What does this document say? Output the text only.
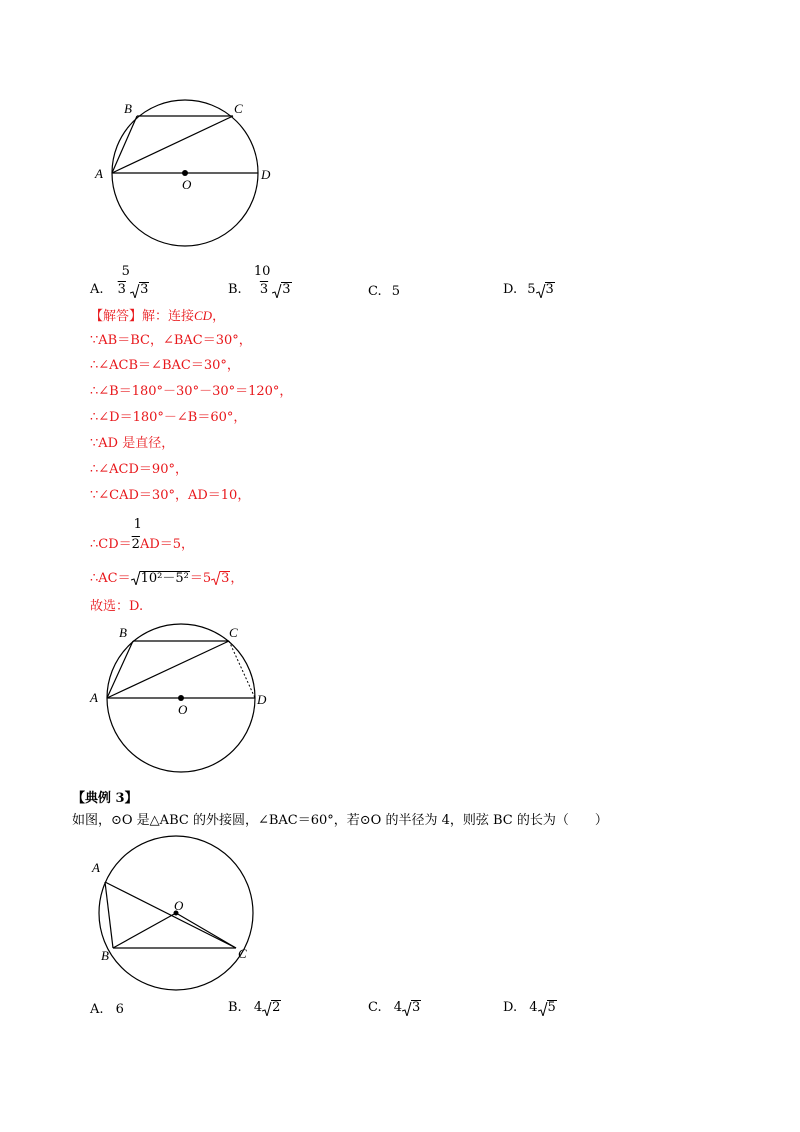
A
B	C
D
O
A. $\frac{5}{3} 3$	B. $\frac{10}{3} 3$	C. 5	D. 5 3
【解答】解：连接CD，
∵AB＝BC，∠BAC＝30°，
∴∠ACB＝∠BAC＝30°，
∴∠B＝180°－30°－30°＝120°，
∴∠D＝180°－∠B＝60°，
∵AD 是直径，
∴∠ACD＝90°，
∵∠CAD＝30°，AD＝10，
∴CD＝ $\frac{1}{2}AD=5$，
∴AC＝ 10²－5²＝5 3，
故选：D.
A
B	C
D
O
【典例 3】
如图，⊙O 是△ABC 的外接圆，∠BAC＝60°，若⊙O 的半径为 4，则弦 BC 的长为（　　）
A
B	C
O
A. 6	B. 4 2	C. 4 3	D. 4 5
